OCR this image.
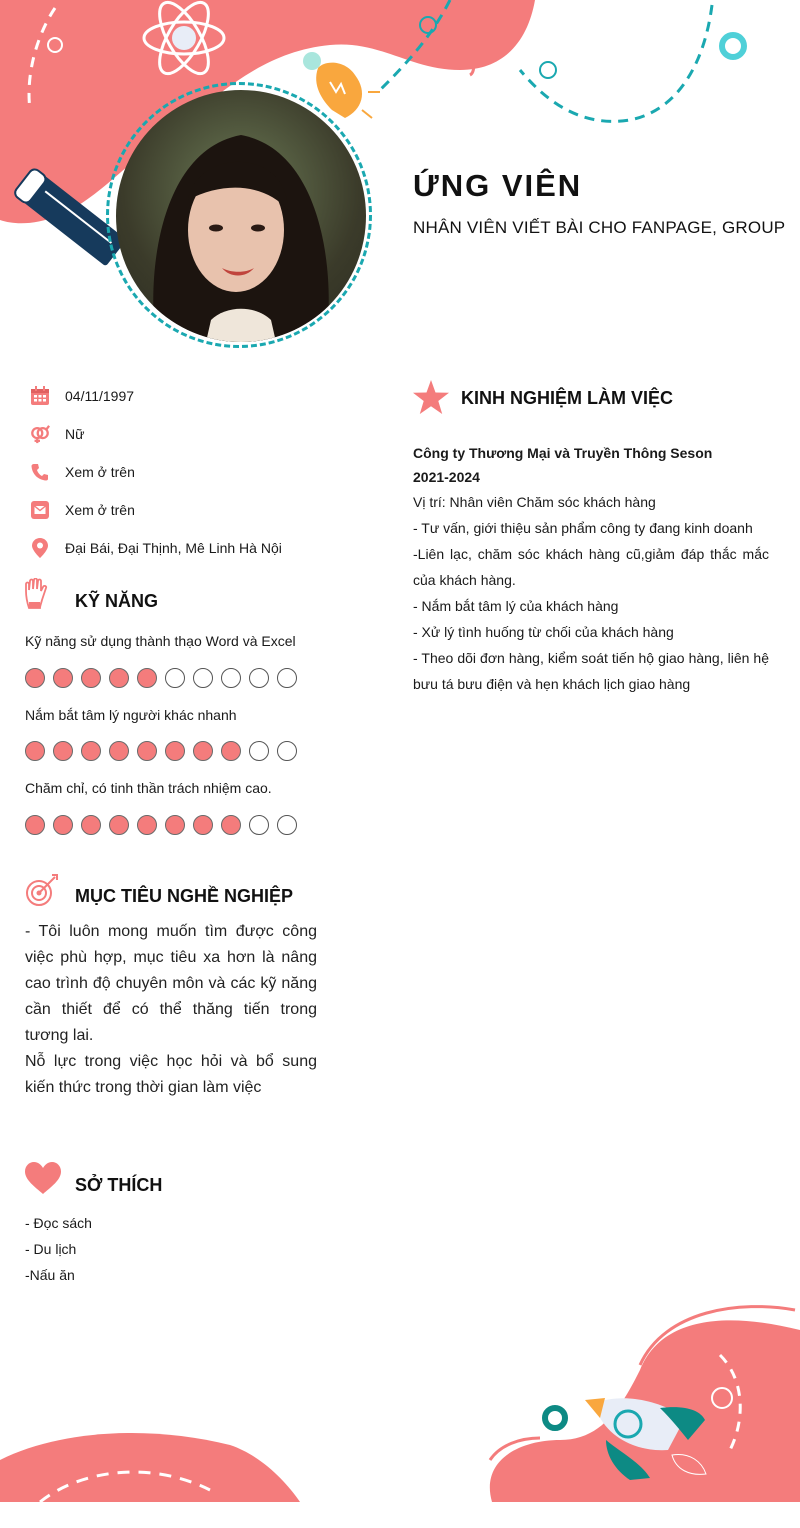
ỨNG VIÊN
NHÂN VIÊN VIẾT BÀI CHO FANPAGE, GROUP
04/11/1997
Nữ
Xem ở trên
Xem ở trên
Đại Bái, Đại Thịnh, Mê Linh Hà Nội
KỸ NĂNG
Kỹ năng sử dụng thành thạo Word và Excel
Nắm bắt tâm lý người khác nhanh
Chăm chỉ, có tinh thần trách nhiệm cao.
MỤC TIÊU NGHỀ NGHIỆP

- Tôi luôn mong muốn tìm được công việc phù hợp, mục tiêu xa hơn là nâng cao trình độ chuyên môn và các kỹ năng cần thiết để có thể thăng tiến trong tương lai.

Nỗ lực trong việc học hỏi và bổ sung kiến thức trong thời gian làm việc

SỞ THÍCH
- Đọc sách
- Du lịch
-Nấu ăn
KINH NGHIỆM LÀM VIỆC
Công ty Thương Mại và Truyền Thông Seson
2021-2024
Vị trí: Nhân viên Chăm sóc khách hàng
- Tư vấn, giới thiệu sản phẩm công ty đang kinh doanh
-Liên lạc, chăm sóc khách hàng cũ,giảm đáp thắc mắc của khách hàng.
- Nắm bắt tâm lý của khách hàng
- Xử lý tình huống từ chối của khách hàng
- Theo dõi đơn hàng, kiểm soát tiến hộ giao hàng, liên hệ bưu tá bưu điện và hẹn khách lịch giao hàng
